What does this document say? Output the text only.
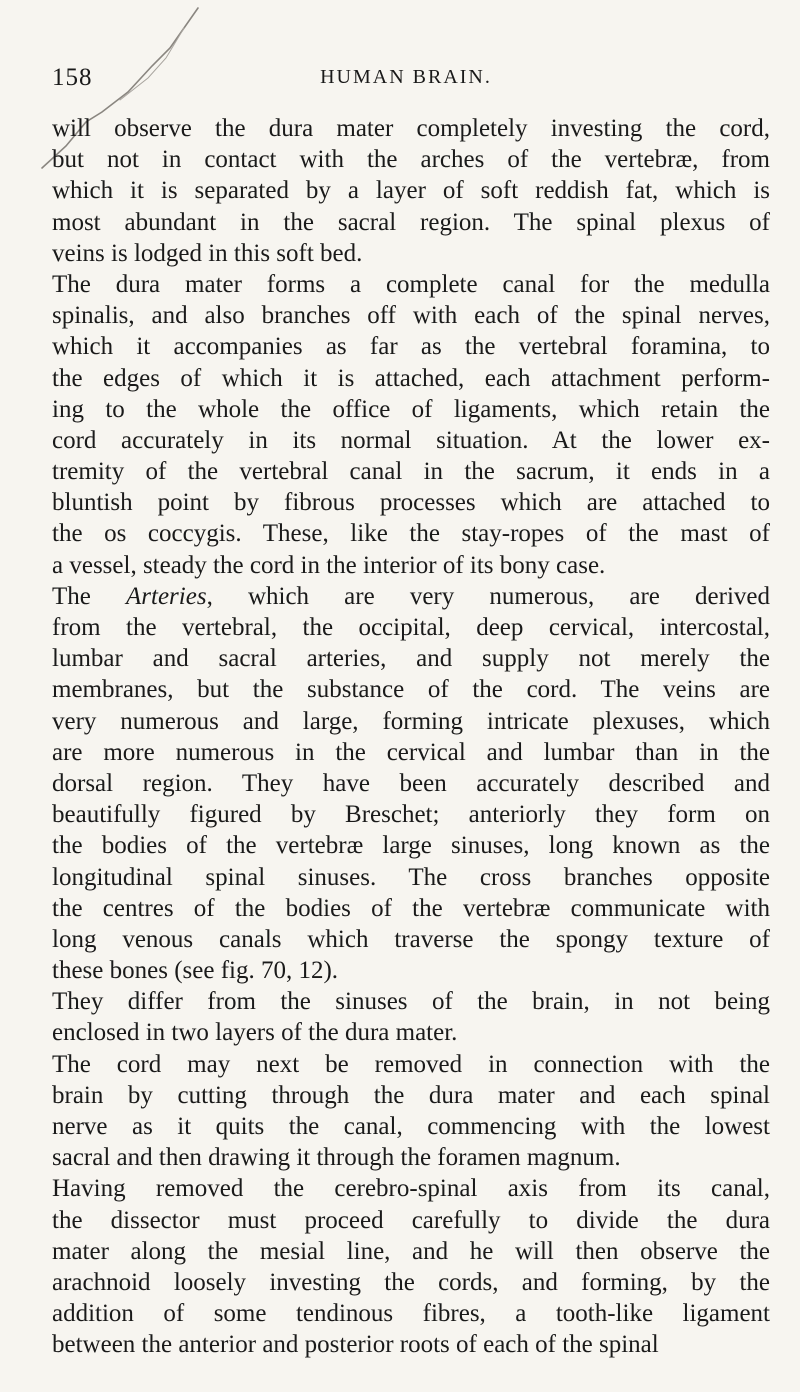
158	HUMAN BRAIN.
will observe the dura mater completely investing the cord,
but not in contact with the arches of the vertebræ, from
which it is separated by a layer of soft reddish fat, which is
most abundant in the sacral region. The spinal plexus of
veins is lodged in this soft bed.
The dura mater forms a complete canal for the medulla
spinalis, and also branches off with each of the spinal nerves,
which it accompanies as far as the vertebral foramina, to
the edges of which it is attached, each attachment perform-
ing to the whole the office of ligaments, which retain the
cord accurately in its normal situation. At the lower ex-
tremity of the vertebral canal in the sacrum, it ends in a
bluntish point by fibrous processes which are attached to
the os coccygis. These, like the stay-ropes of the mast of
a vessel, steady the cord in the interior of its bony case.
The Arteries, which are very numerous, are derived
from the vertebral, the occipital, deep cervical, intercostal,
lumbar and sacral arteries, and supply not merely the
membranes, but the substance of the cord. The veins are
very numerous and large, forming intricate plexuses, which
are more numerous in the cervical and lumbar than in the
dorsal region. They have been accurately described and
beautifully figured by Breschet; anteriorly they form on
the bodies of the vertebræ large sinuses, long known as the
longitudinal spinal sinuses. The cross branches opposite
the centres of the bodies of the vertebræ communicate with
long venous canals which traverse the spongy texture of
these bones (see fig. 70, 12).
They differ from the sinuses of the brain, in not being
enclosed in two layers of the dura mater.
The cord may next be removed in connection with the
brain by cutting through the dura mater and each spinal
nerve as it quits the canal, commencing with the lowest
sacral and then drawing it through the foramen magnum.
Having removed the cerebro-spinal axis from its canal,
the dissector must proceed carefully to divide the dura
mater along the mesial line, and he will then observe the
arachnoid loosely investing the cords, and forming, by the
addition of some tendinous fibres, a tooth-like ligament
between the anterior and posterior roots of each of the spinal
